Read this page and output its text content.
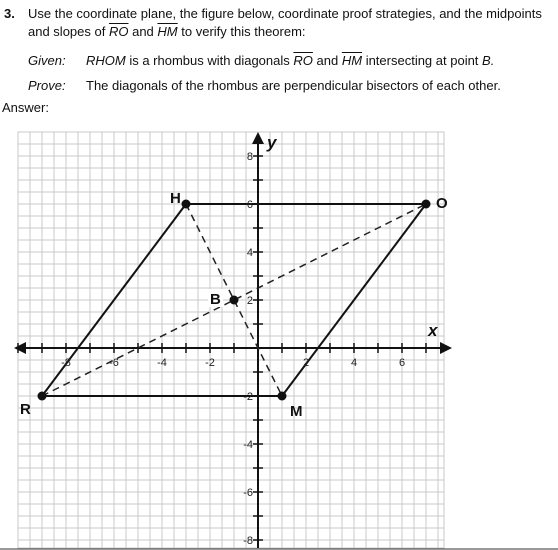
3. Use the coordinate plane, the figure below, coordinate proof strategies, and the midpoints
and slopes of $\overline{RO}$ and $\overline{HM}$ to verify this theorem:
Given: RHOM is a rhombus with diagonals $\overline{RO}$ and $\overline{HM}$ intersecting at point B.
Prove: The diagonals of the rhombus are perpendicular bisectors of each other.
Answer:
x
y
-8	-6	-4	-2	2	4	6
8
6
4
2
-2
-4
-6
-8
R
H	O
M
B
